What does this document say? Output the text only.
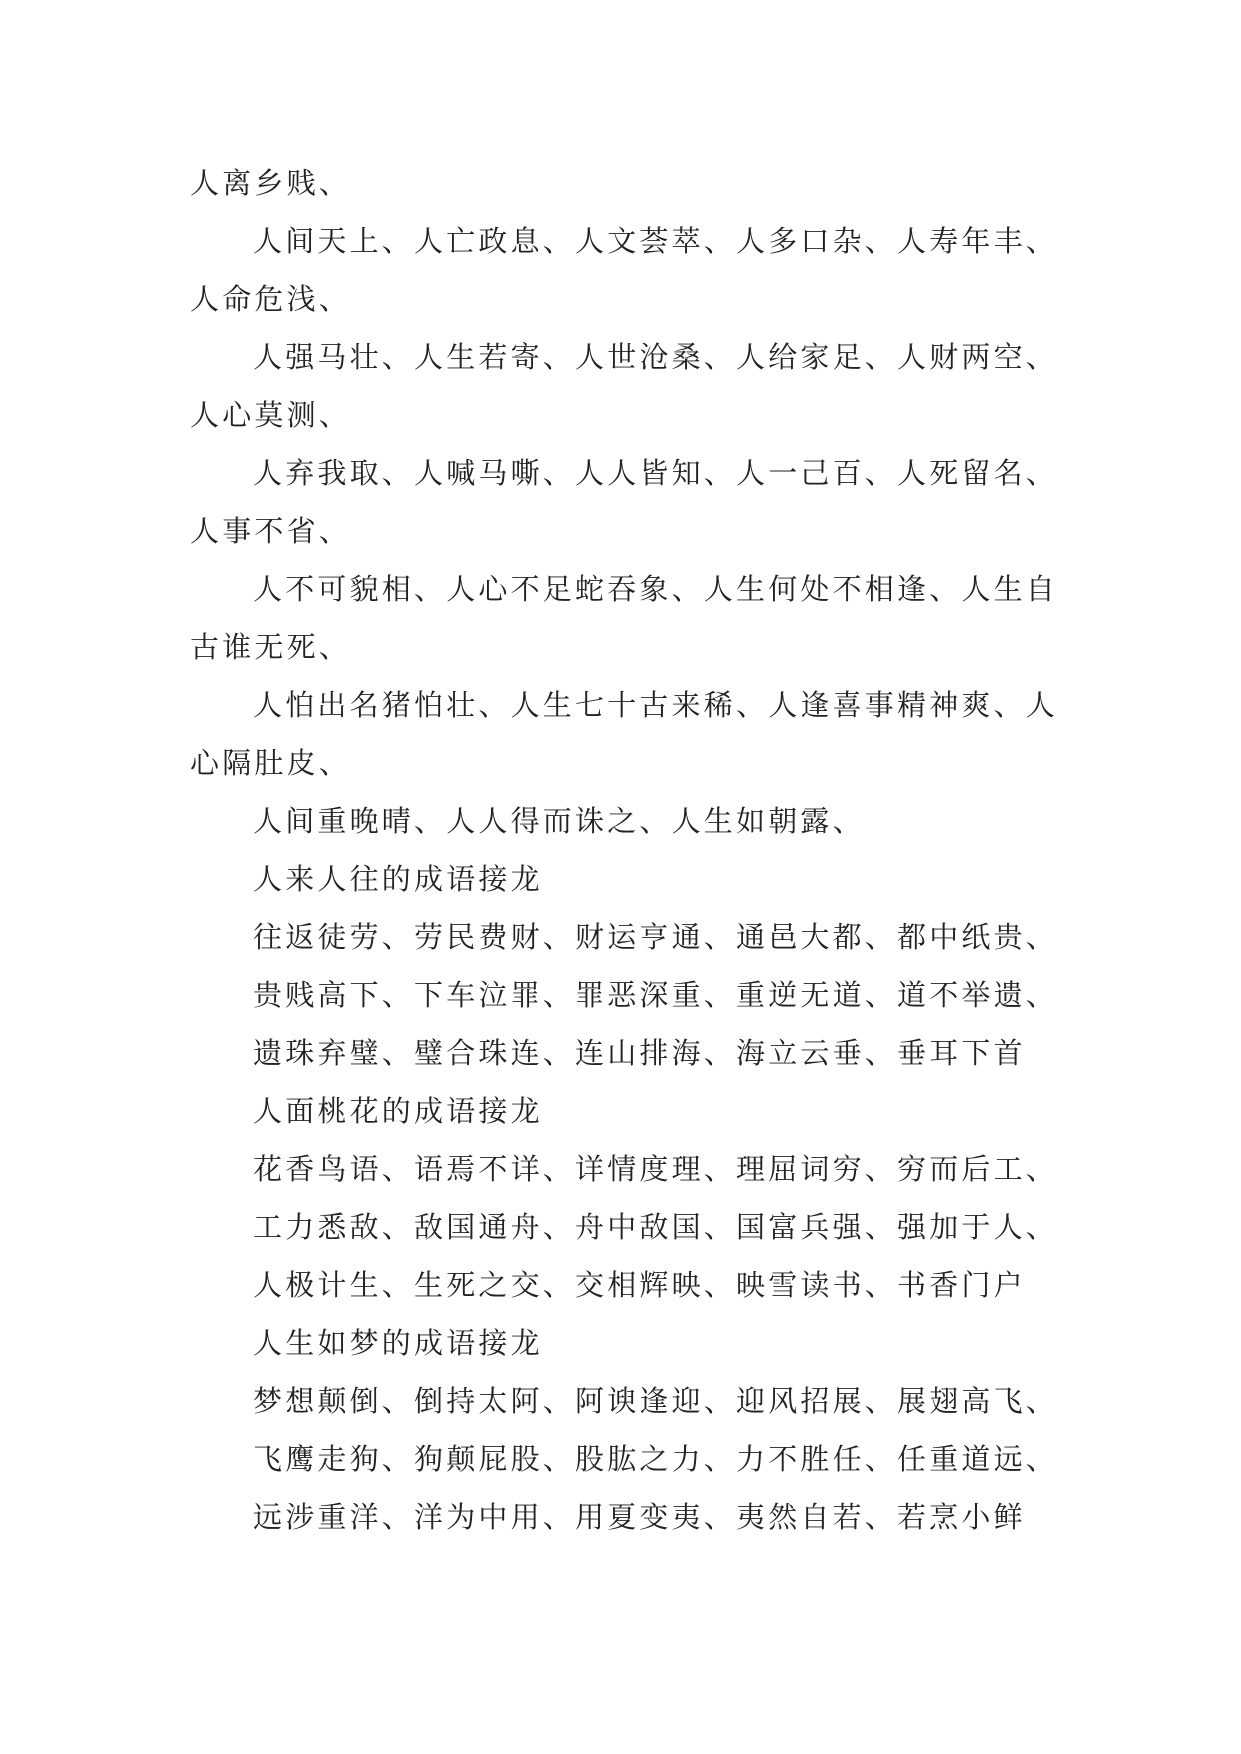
人离乡贱、

人间天上、人亡政息、人文荟萃、人多口杂、人寿年丰、人命危浅、

人强马壮、人生若寄、人世沧桑、人给家足、人财两空、人心莫测、

人弃我取、人喊马嘶、人人皆知、人一己百、人死留名、人事不省、

人不可貌相、人心不足蛇吞象、人生何处不相逢、人生自古谁无死、

人怕出名猪怕壮、人生七十古来稀、人逢喜事精神爽、人心隔肚皮、

人间重晚晴、人人得而诛之、人生如朝露、

人来人往的成语接龙

往返徒劳、劳民费财、财运亨通、通邑大都、都中纸贵、

贵贱高下、下车泣罪、罪恶深重、重逆无道、道不举遗、

遗珠弃璧、璧合珠连、连山排海、海立云垂、垂耳下首

人面桃花的成语接龙

花香鸟语、语焉不详、详情度理、理屈词穷、穷而后工、

工力悉敌、敌国通舟、舟中敌国、国富兵强、强加于人、

人极计生、生死之交、交相辉映、映雪读书、书香门户

人生如梦的成语接龙

梦想颠倒、倒持太阿、阿谀逢迎、迎风招展、展翅高飞、

飞鹰走狗、狗颠屁股、股肱之力、力不胜任、任重道远、

远涉重洋、洋为中用、用夏变夷、夷然自若、若烹小鲜
